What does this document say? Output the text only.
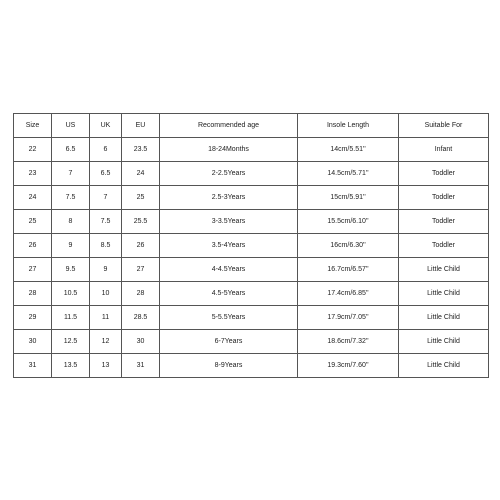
Size	US	UK	EU	Recommended age	Insole Length	Suitable For
22	6.5	6	23.5	18-24Months	14cm/5.51''	Infant
23	7	6.5	24	2-2.5Years	14.5cm/5.71''	Toddler
24	7.5	7	25	2.5-3Years	15cm/5.91''	Toddler
25	8	7.5	25.5	3-3.5Years	15.5cm/6.10''	Toddler
26	9	8.5	26	3.5-4Years	16cm/6.30''	Toddler
27	9.5	9	27	4-4.5Years	16.7cm/6.57''	Little Child
28	10.5	10	28	4.5-5Years	17.4cm/6.85''	Little Child
29	11.5	11	28.5	5-5.5Years	17.9cm/7.05''	Little Child
30	12.5	12	30	6-7Years	18.6cm/7.32''	Little Child
31	13.5	13	31	8-9Years	19.3cm/7.60''	Little Child
